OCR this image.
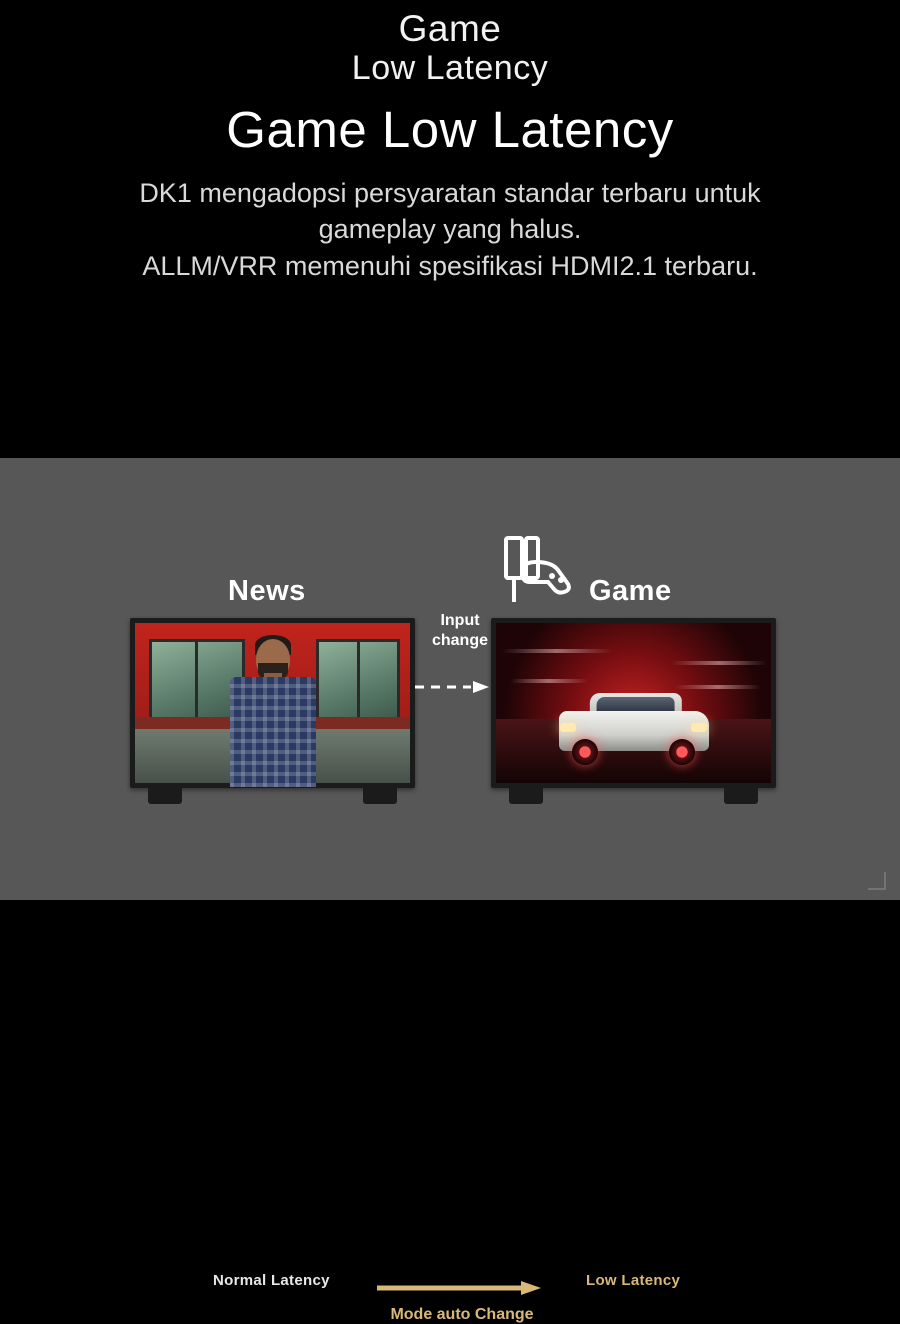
Game
Low Latency
Game Low Latency
DK1 mengadopsi persyaratan standar terbaru untuk
gameplay yang halus.
ALLM/VRR memenuhi spesifikasi HDMI2.1 terbaru.
News	Game
Input
change
Normal Latency	Low Latency
Mode auto Change
